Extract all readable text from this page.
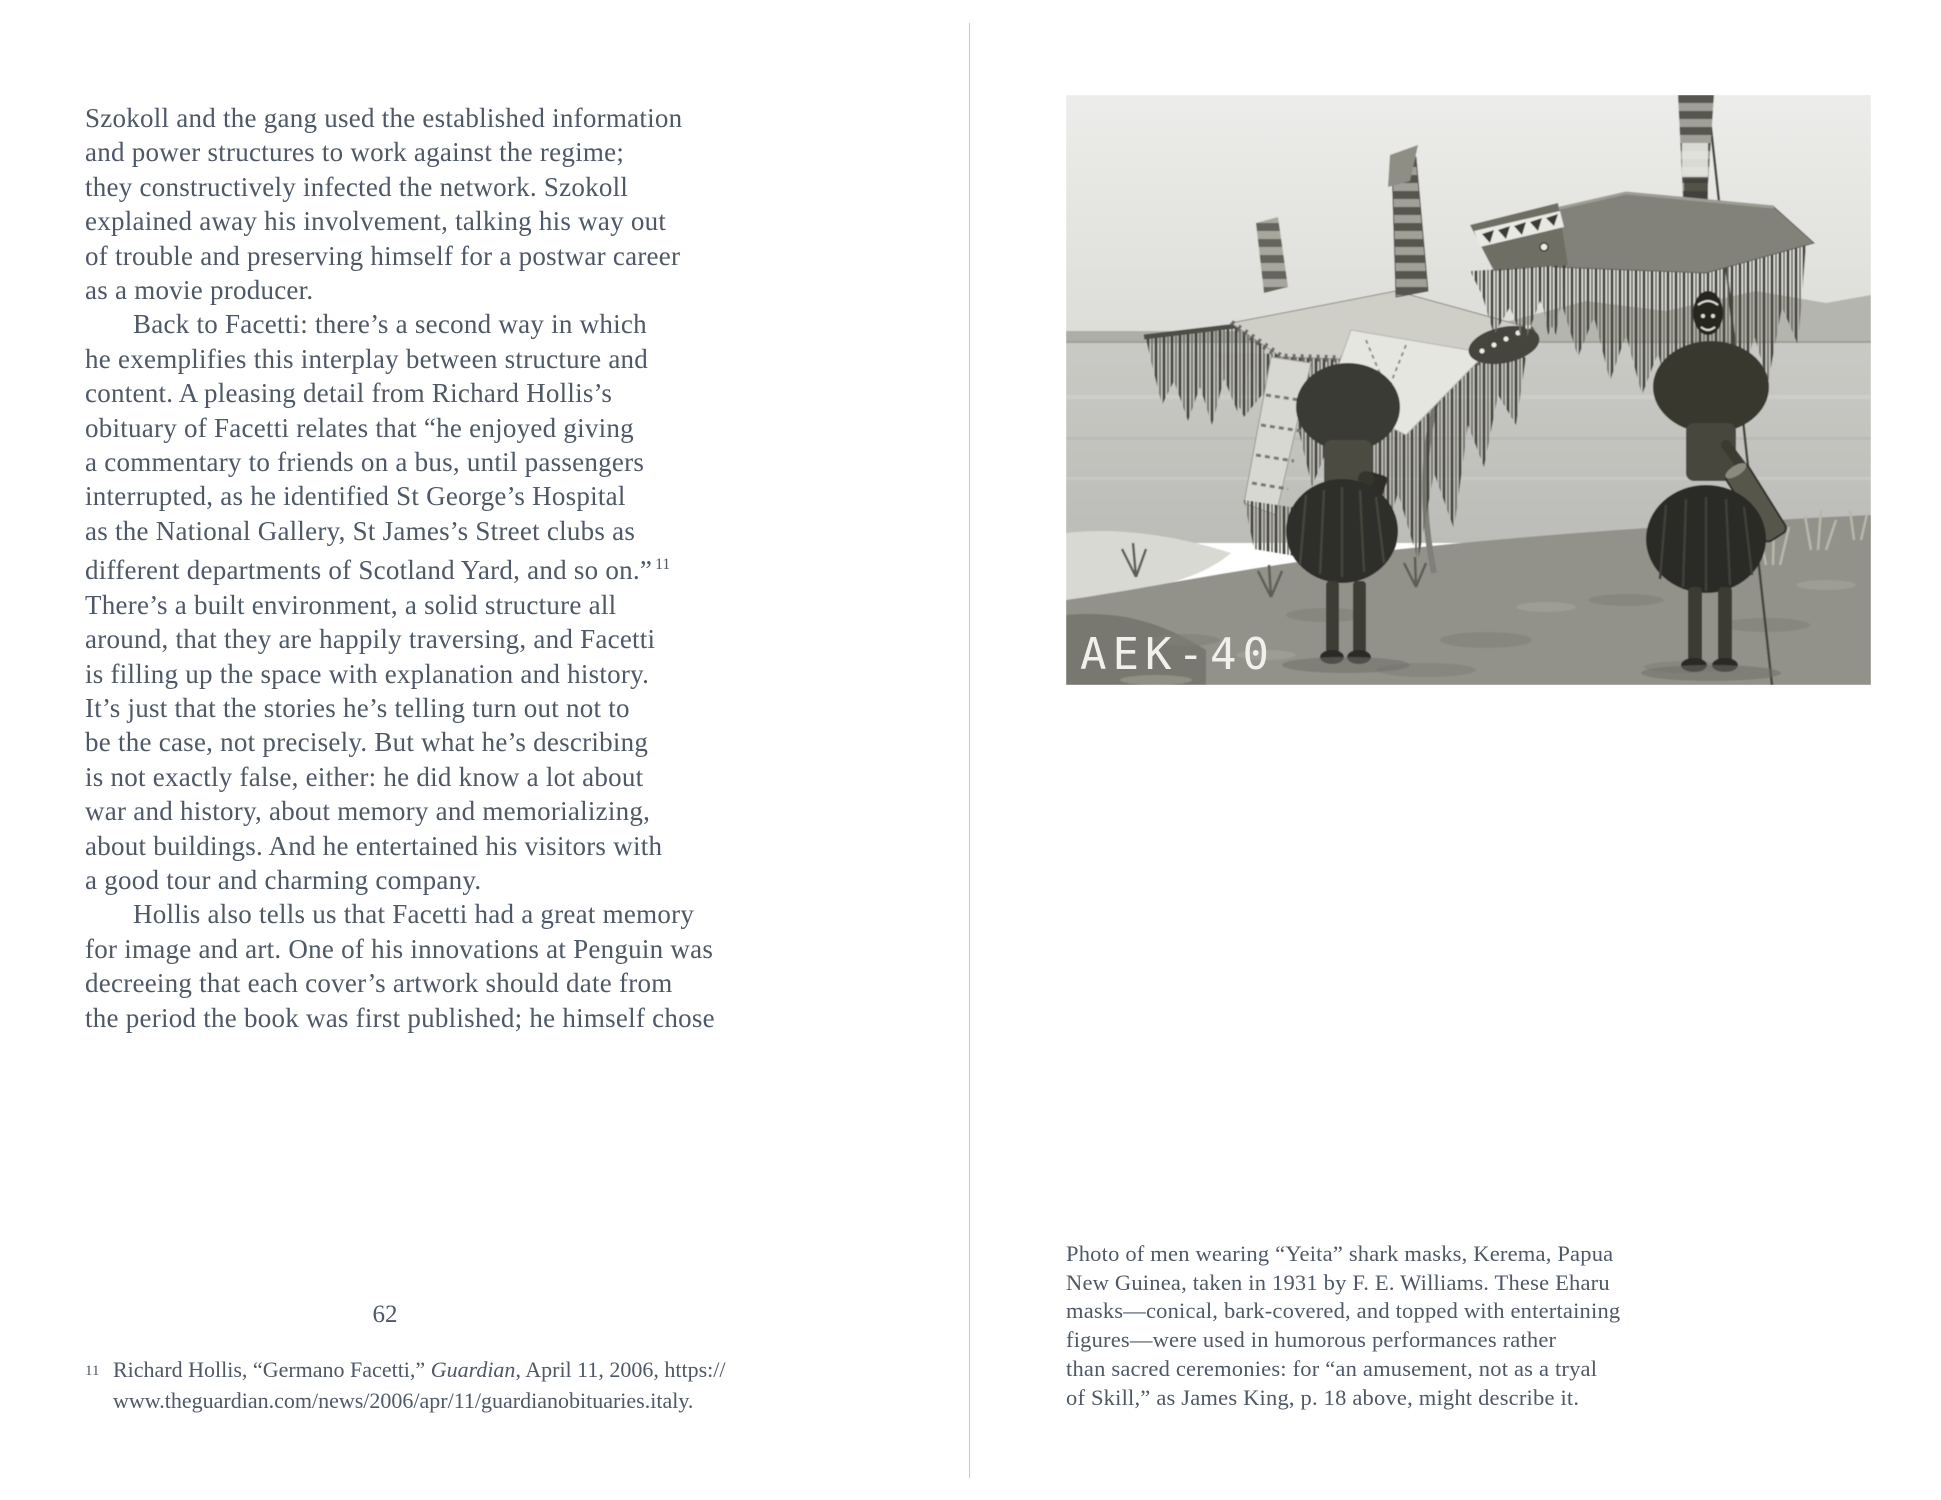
Szokoll and the gang used the established information
and power structures to work against the regime;
they constructively infected the network. Szokoll
explained away his involvement, talking his way out
of trouble and preserving himself for a postwar career
as a movie producer.
Back to Facetti: there’s a second way in which
he exemplifies this interplay between structure and
content. A pleasing detail from Richard Hollis’s
obituary of Facetti relates that “he enjoyed giving
a commentary to friends on a bus, until passengers
interrupted, as he identified St George’s Hospital
as the National Gallery, St James’s Street clubs as
different departments of Scotland Yard, and so on.” $^{11}$
There’s a built environment, a solid structure all
around, that they are happily traversing, and Facetti
is filling up the space with explanation and history.
It’s just that the stories he’s telling turn out not to
be the case, not precisely. But what he’s describing
is not exactly false, either: he did know a lot about
war and history, about memory and memorializing,
about buildings. And he entertained his visitors with
a good tour and charming company.
Hollis also tells us that Facetti had a great memory
for image and art. One of his innovations at Penguin was
decreeing that each cover’s artwork should date from
the period the book was first published; he himself chose
62
11 Richard Hollis, “Germano Facetti,” Guardian, April 11, 2006, https://
www.theguardian.com/news/2006/apr/11/guardianobituaries.italy.
AEK-40
Photo of men wearing “Yeita” shark masks, Kerema, Papua
New Guinea, taken in 1931 by F. E. Williams. These Eharu
masks—conical, bark-covered, and topped with entertaining
figures—were used in humorous performances rather
than sacred ceremonies: for “an amusement, not as a tryal
of Skill,” as James King, p. 18 above, might describe it.
